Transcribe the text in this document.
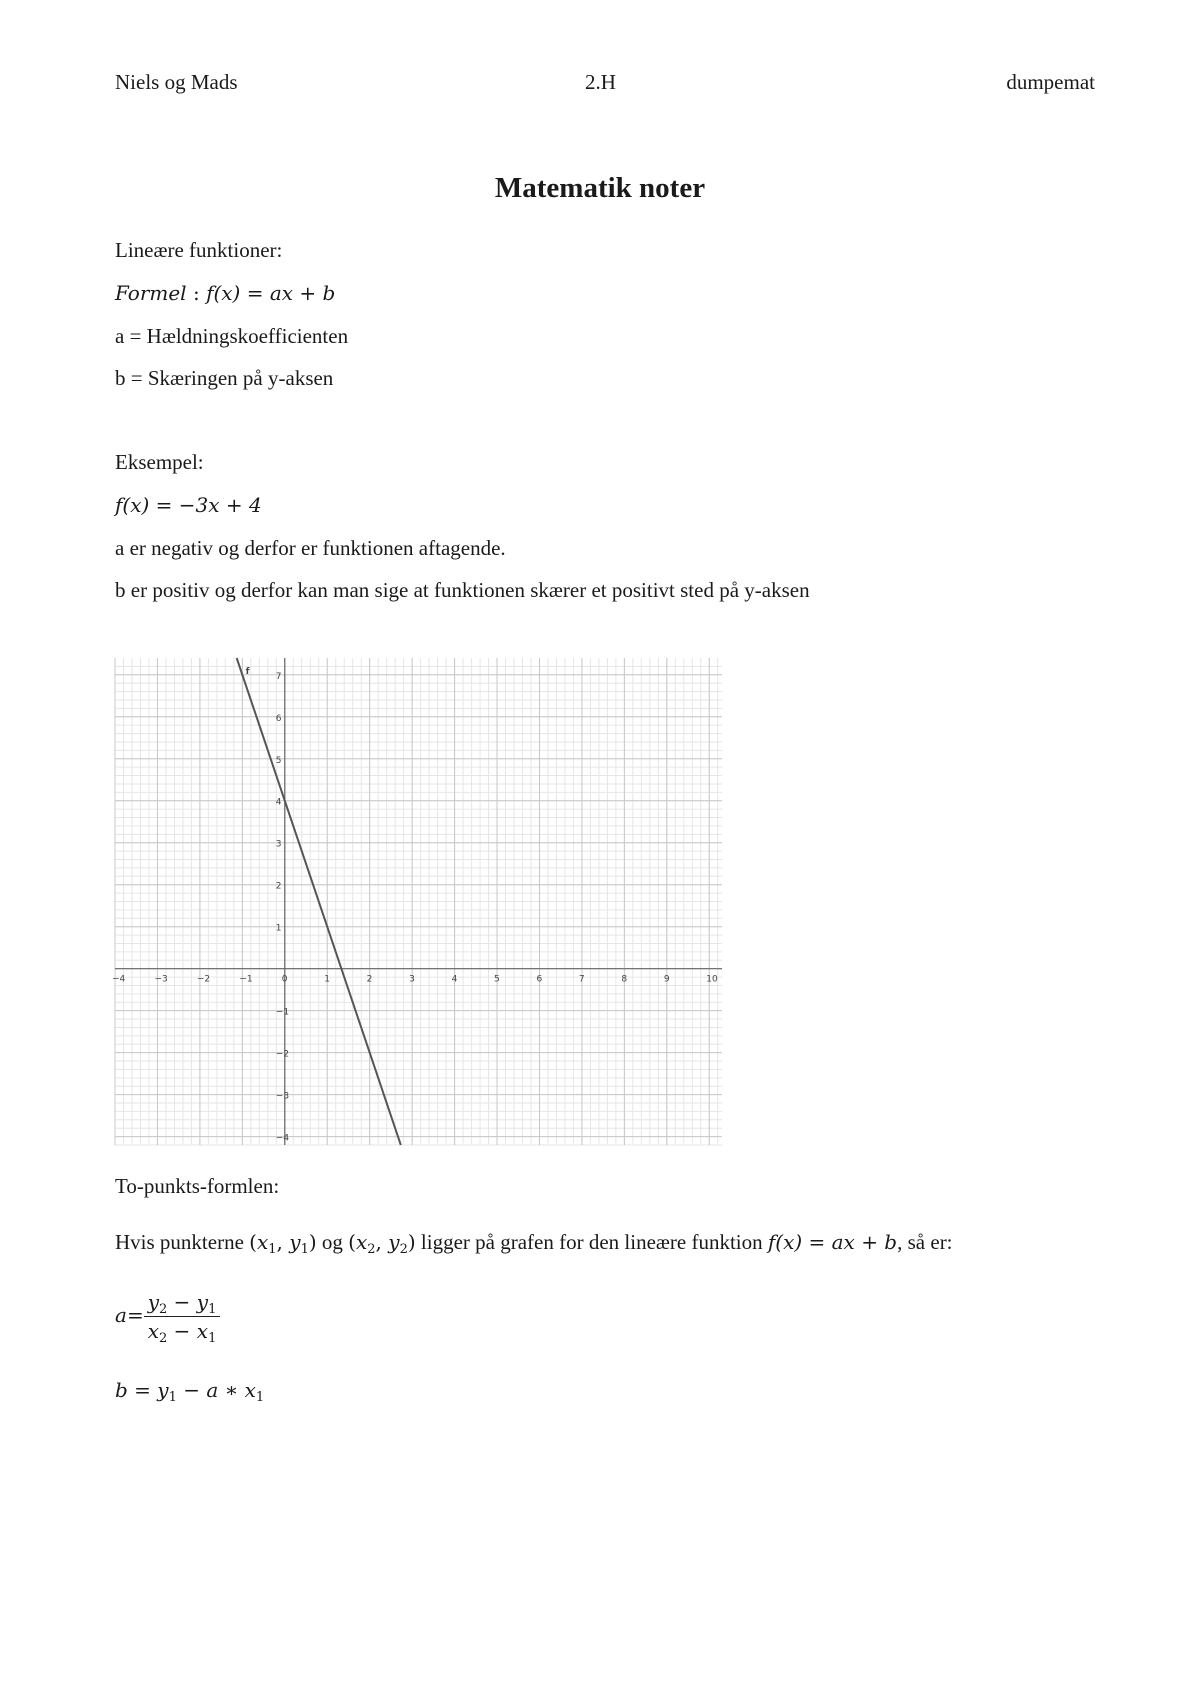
Niels og Mads	2.H	dumpemat
Matematik noter
Lineære funktioner:
Formel : f(x) = ax + b
a = Hældningskoefficienten
b = Skæringen på y-aksen
Eksempel:
f(x) = −3x + 4
a er negativ og derfor er funktionen aftagende.
b er positiv og derfor kan man sige at funktionen skærer et positivt sted på y-aksen
−4	−3	−2	−1	0	1	2	3	4	5	6	7	8	9	10
−4
−3
−2
−1
1
2
3
4
5
6
7
f
To-punkts-formlen:
Hvis punkterne ($x_1$, $y_1$) og ($x_2$, $y_2$) ligger på grafen for den lineære funktion f(x) = ax + b, så er:
$a= \frac{y_2 - y_1}{x_2 - x_1}$
$b = y_1 - a$ ∗ $x_1$
